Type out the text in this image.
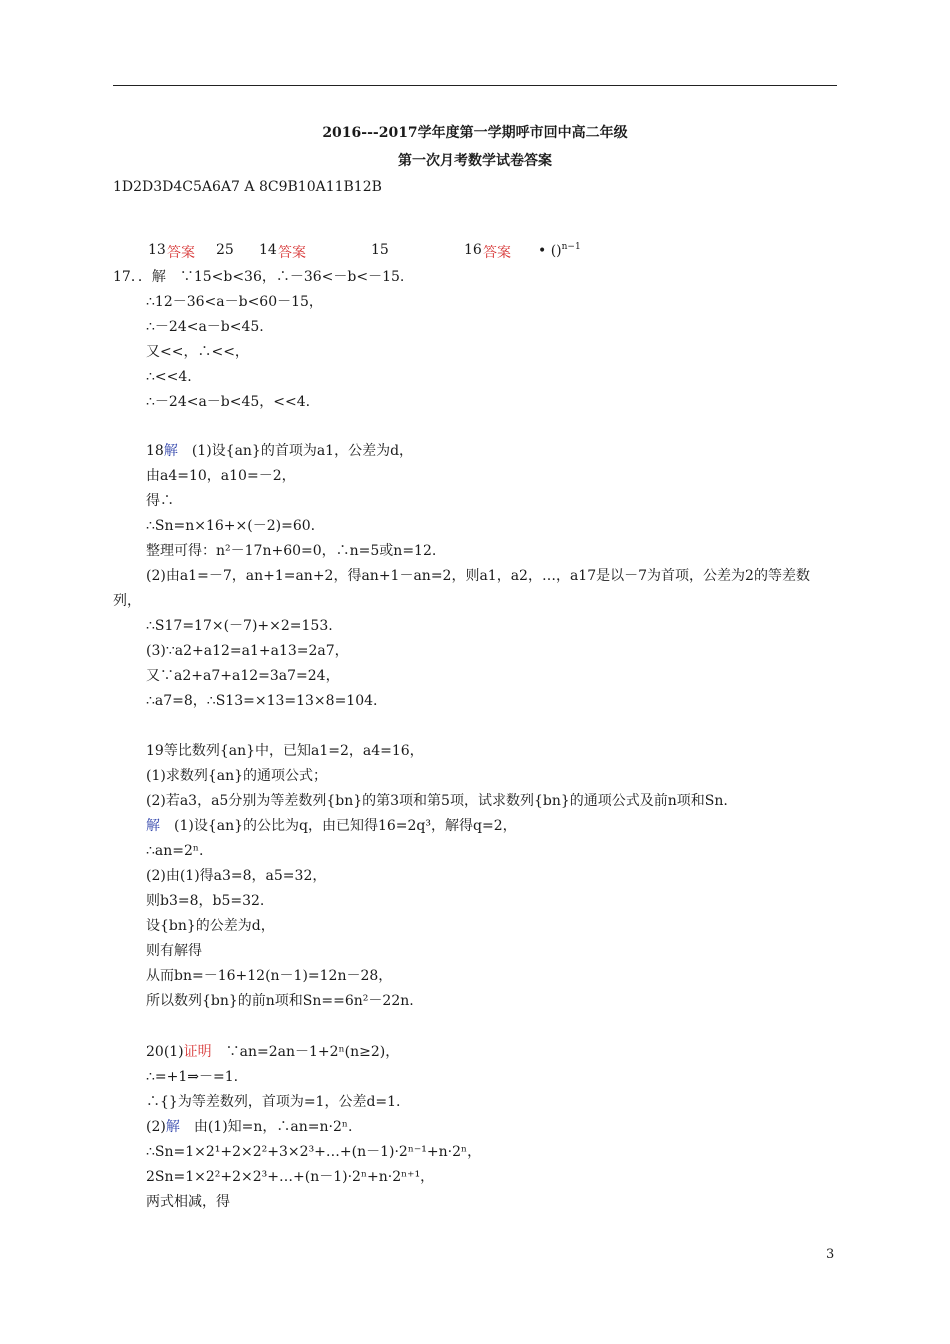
2016---2017学年度第一学期呼市回中高二年级
第一次月考数学试卷答案
1D2D3D4C5A6A7 A 8C9B10A11B12B
13 答案 25 14 答案	15	16 答案 • ()$^{n-1}$
17．．解　∵15<b<36，∴－36<－b<－15.
∴12－36<a－b<60－15，
∴－24<a－b<45.
又<<，∴<<，
∴<<4.
∴－24<a－b<45，<<4.
18解　 (1)设{an}的首项为a1，公差为d，
由a4=10，a10=－2，
得∴
∴Sn=n×16+×(－2)=60.
整理可得：n²－17n+60=0，∴n=5或n=12.
(2)由a1=－7，an+1=an+2，得an+1－an=2，则a1，a2，…，a17是以－7为首项，公差为2的等差数
列，
∴S17=17×(－7)+×2=153.
(3)∵a2+a12=a1+a13=2a7，
又∵a2+a7+a12=3a7=24，
∴a7=8，∴S13=×13=13×8=104.
19等比数列{an}中，已知a1=2，a4=16，
(1)求数列{an}的通项公式；
(2)若a3，a5分别为等差数列{bn}的第3项和第5项，试求数列{bn}的通项公式及前n项和Sn.
解　(1)设{an}的公比为q，由已知得16=2q³，解得q=2，
∴an=2ⁿ.
(2)由(1)得a3=8，a5=32，
则b3=8，b5=32.
设{bn}的公差为d，
则有解得
从而bn=－16+12(n－1)=12n－28，
所以数列{bn}的前n项和Sn==6n²－22n.
20(1)证明　∵an=2an－1+2ⁿ(n≥2)，
∴=+1⇒－=1.
∴{}为等差数列，首项为=1，公差d=1.
(2)解　由(1)知=n，∴an=n·2ⁿ.
∴Sn=1×2¹+2×2²+3×2³+…+(n－1)·2ⁿ⁻¹+n·2ⁿ，
2Sn=1×2²+2×2³+…+(n－1)·2ⁿ+n·2ⁿ⁺¹，
两式相减，得
3
